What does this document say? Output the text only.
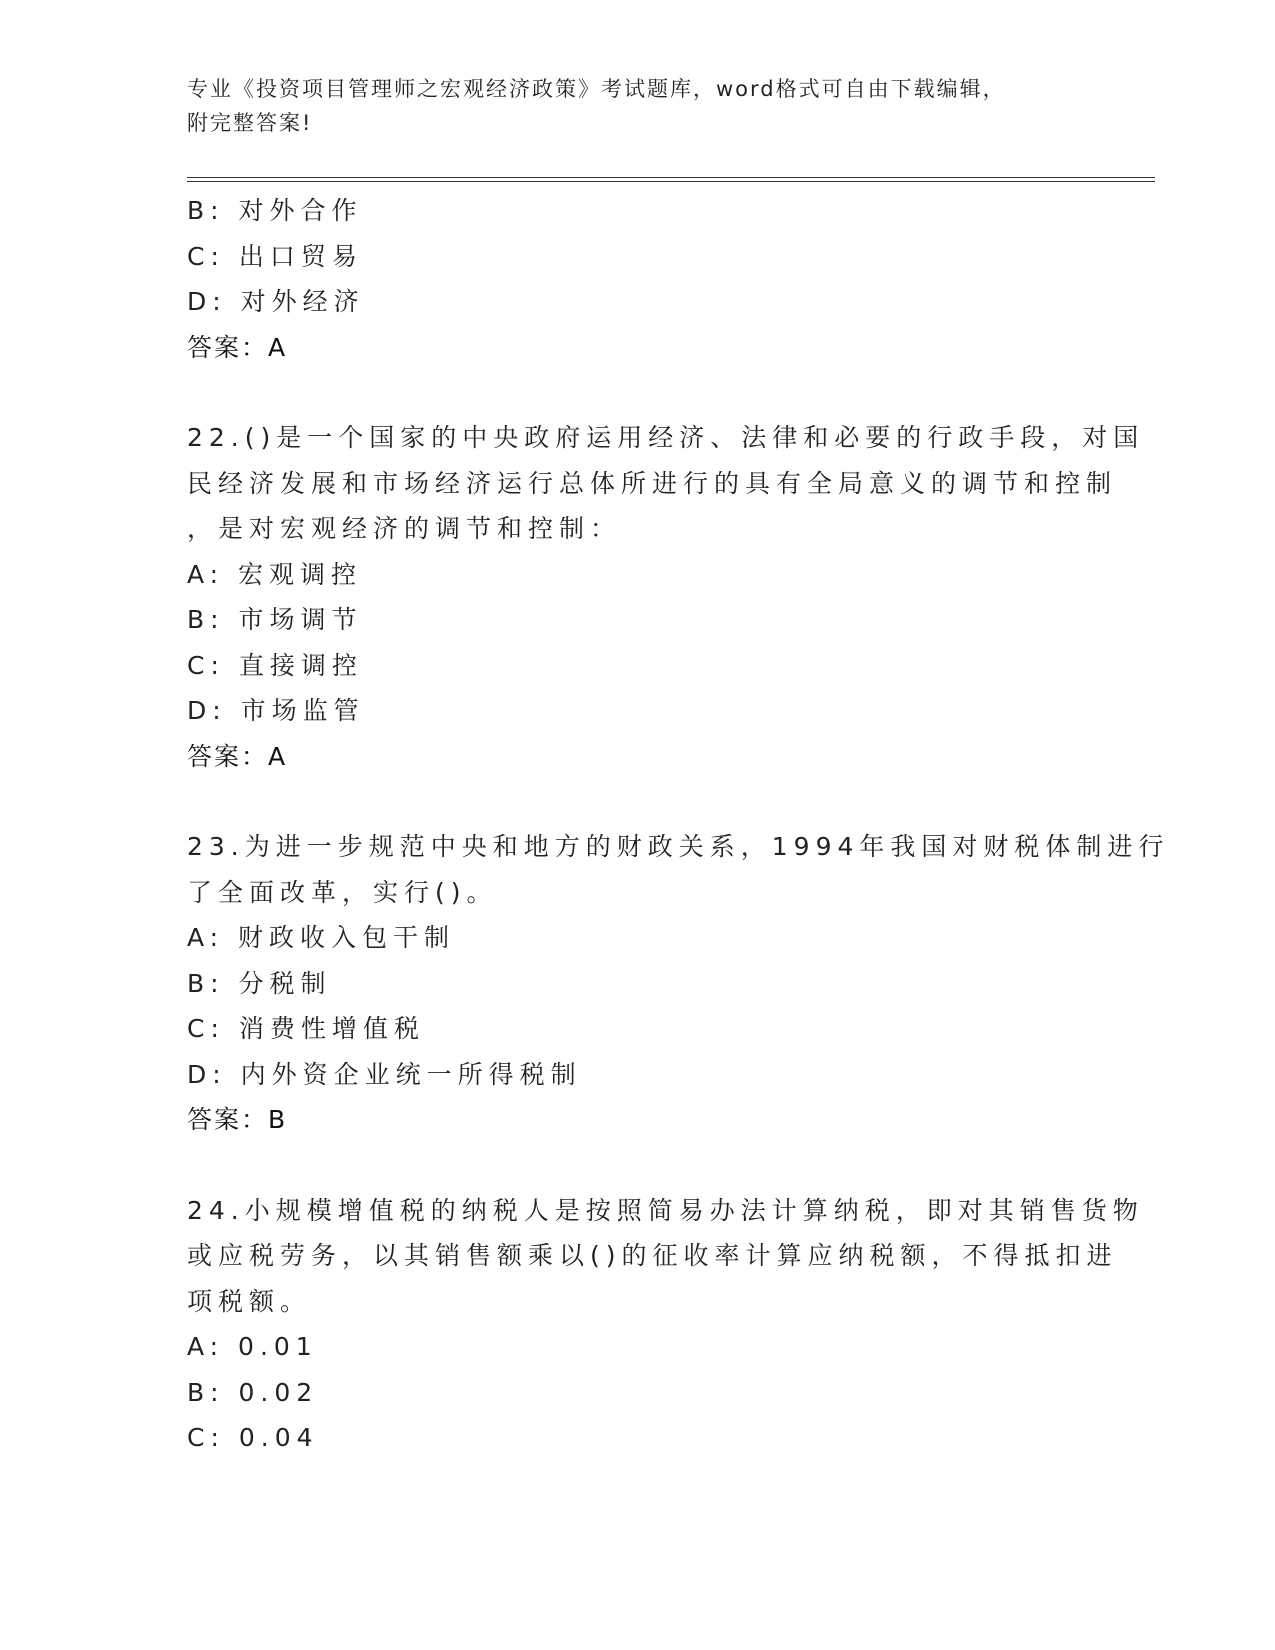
专业《投资项目管理师之宏观经济政策》考试题库，word格式可自由下载编辑，
附完整答案!
B: 对外合作
C: 出口贸易
D: 对外经济
答案：A
22.()是一个国家的中央政府运用经济、法律和必要的行政手段，对国
民经济发展和市场经济运行总体所进行的具有全局意义的调节和控制
，是对宏观经济的调节和控制：
A: 宏观调控
B: 市场调节
C: 直接调控
D: 市场监管
答案：A
23.为进一步规范中央和地方的财政关系，1994年我国对财税体制进行
了全面改革，实行()。
A: 财政收入包干制
B: 分税制
C: 消费性增值税
D: 内外资企业统一所得税制
答案：B
24.小规模增值税的纳税人是按照简易办法计算纳税，即对其销售货物
或应税劳务，以其销售额乘以()的征收率计算应纳税额，不得抵扣进
项税额。
A: 0.01
B: 0.02
C: 0.04
